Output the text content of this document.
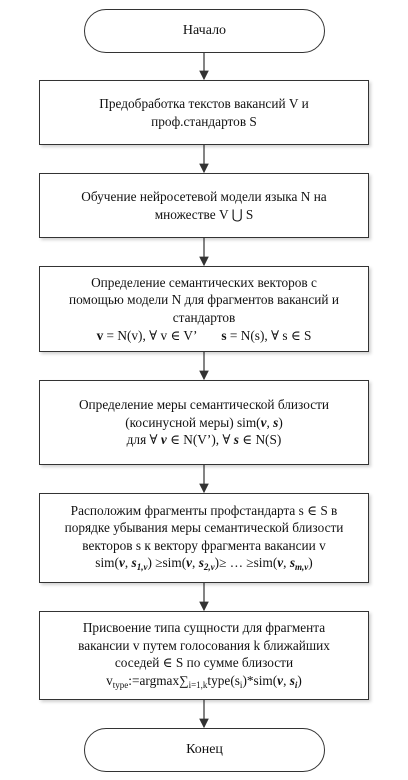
Начало
Предобработка текстов вакансий V и
проф.стандартов S
Обучение нейросетевой модели языка N на
множестве V ⋃ S
Определение семантических векторов с
помощью модели N для фрагментов вакансий и
стандартов
v = N(v), ∀ v ∈ V’ s = N(s), ∀ s ∈ S
Определение меры семантической близости
(косинусной меры) sim(v, s)
для ∀ v ∈ N(V’), ∀ s ∈ N(S)
Расположим фрагменты профстандарта s ∈ S в
порядке убывания меры семантической близости
векторов s к вектору фрагмента вакансии v
sim(v, $s_{1,v}) \ge sim(v$, $s_{2,v})\ge$ … ≥sim(v, $s_{m,v}$)
Присвоение типа сущности для фрагмента
вакансии v путем голосования k ближайших
соседей ∈ S по сумме близости
$v_{type}:=argmax\sum_{i=1,k}type(s_i)*sim(v$, $s_i$)
Конец
